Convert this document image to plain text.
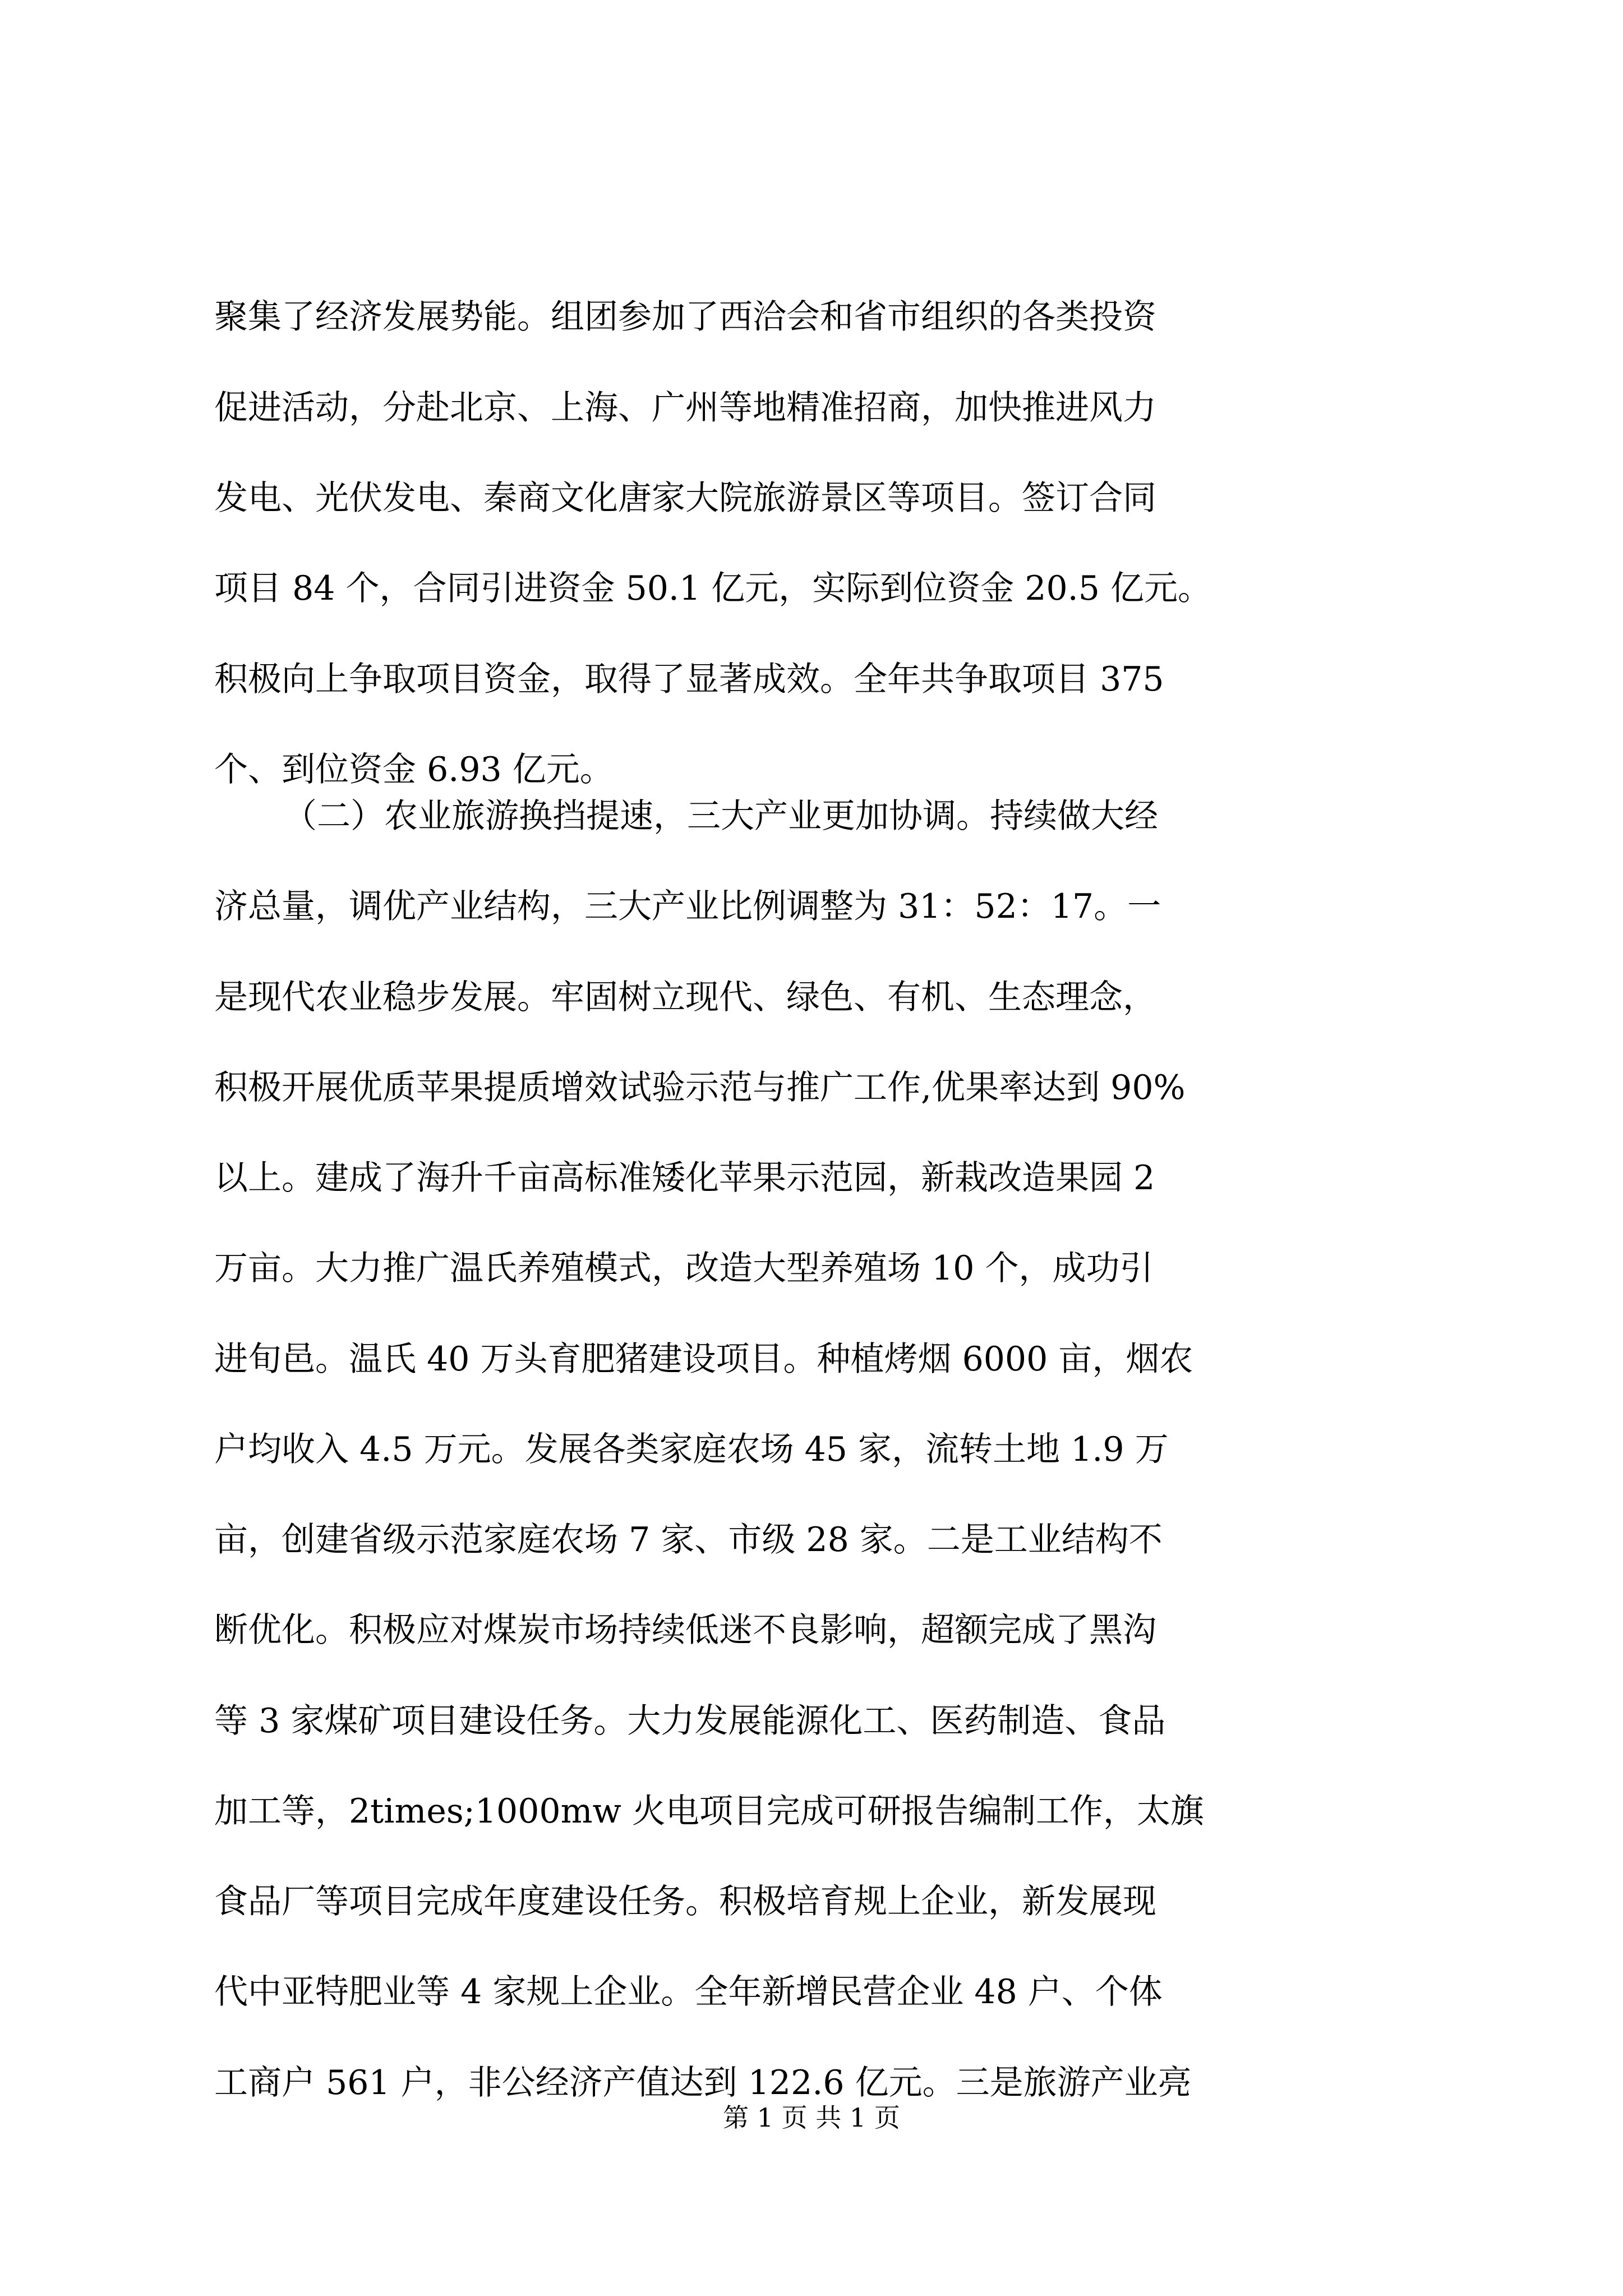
聚集了经济发展势能。组团参加了西洽会和省市组织的各类投资
促进活动，分赴北京、上海、广州等地精准招商，加快推进风力
发电、光伏发电、秦商文化唐家大院旅游景区等项目。签订合同
项目 84 个，合同引进资金 50.1 亿元，实际到位资金 20.5 亿元。
积极向上争取项目资金，取得了显著成效。全年共争取项目 375
个、到位资金 6.93 亿元。
（二）农业旅游换挡提速，三大产业更加协调。持续做大经
济总量，调优产业结构，三大产业比例调整为 31：52：17。一
是现代农业稳步发展。牢固树立现代、绿色、有机、生态理念，
积极开展优质苹果提质增效试验示范与推广工作,优果率达到 90%
以上。建成了海升千亩高标准矮化苹果示范园，新栽改造果园 2
万亩。大力推广温氏养殖模式，改造大型养殖场 10 个，成功引
进旬邑。温氏 40 万头育肥猪建设项目。种植烤烟 6000 亩，烟农
户均收入 4.5 万元。发展各类家庭农场 45 家，流转土地 1.9 万
亩，创建省级示范家庭农场 7 家、市级 28 家。二是工业结构不
断优化。积极应对煤炭市场持续低迷不良影响，超额完成了黑沟
等 3 家煤矿项目建设任务。大力发展能源化工、医药制造、食品
加工等，2times;1000mw 火电项目完成可研报告编制工作，太旗
食品厂等项目完成年度建设任务。积极培育规上企业，新发展现
代中亚特肥业等 4 家规上企业。全年新增民营企业 48 户、个体
工商户 561 户，非公经济产值达到 122.6 亿元。三是旅游产业亮
第 1 页 共 1 页
